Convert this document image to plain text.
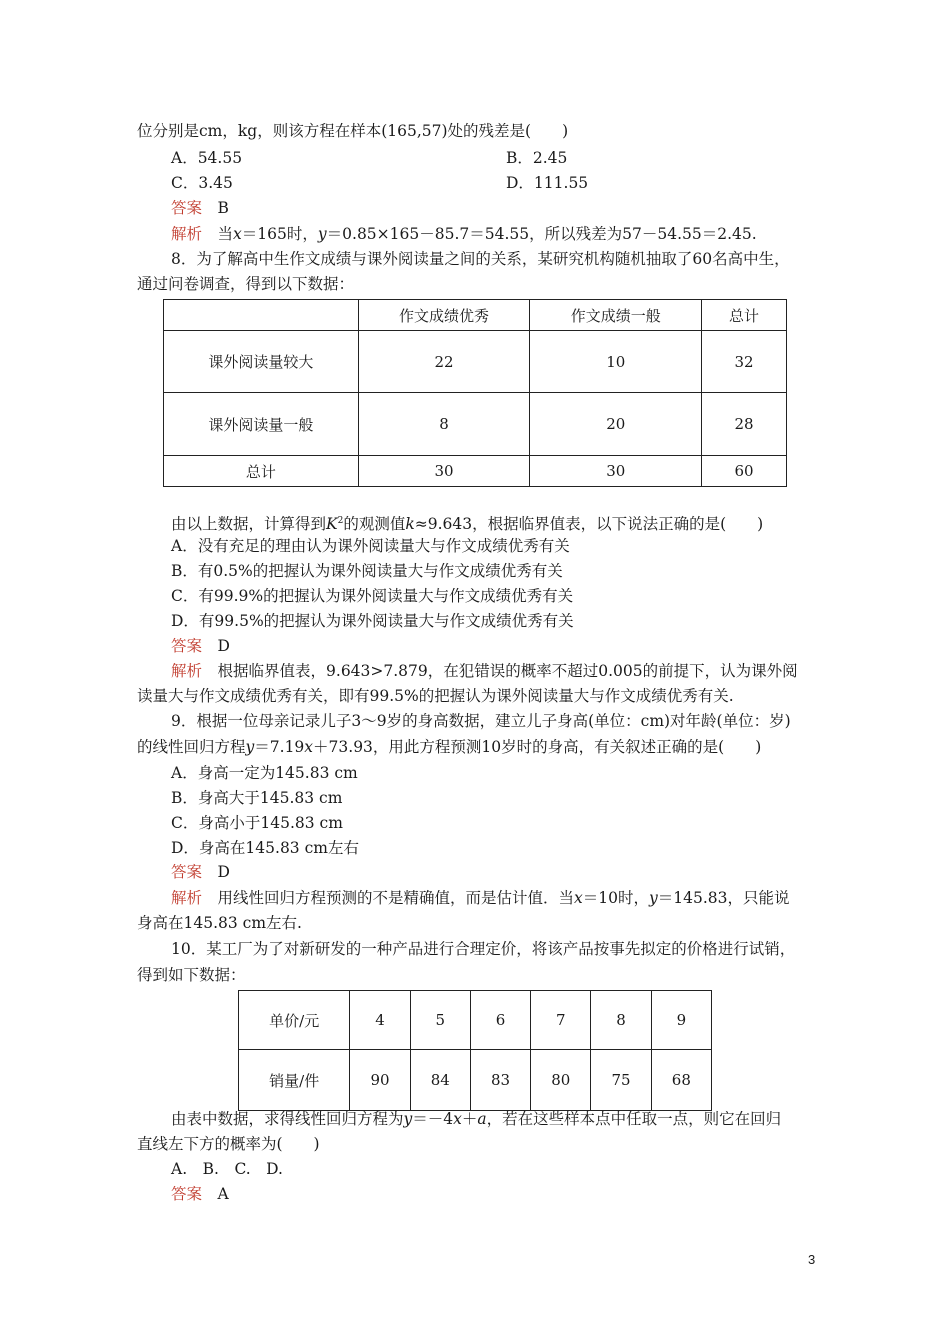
位分别是cm，kg，则该方程在样本(165,57)处的残差是(　　)
A．54.55	B．2.45
C．3.45	D．111.55
答案　 B
解析　 当x＝165时，y＝0.85×165－85.7＝54.55，所以残差为57－54.55＝2.45.
8．为了解高中生作文成绩与课外阅读量之间的关系，某研究机构随机抽取了60名高中生，
通过问卷调查，得到以下数据：
	作文成绩优秀	作文成绩一般	总计
课外阅读量较大	22	10	32
课外阅读量一般	8	20	28
总计	30	30	60
由以上数据，计算得到$K^2$的观测值k≈9.643，根据临界值表，以下说法正确的是(　　)
A．没有充足的理由认为课外阅读量大与作文成绩优秀有关
B．有0.5%的把握认为课外阅读量大与作文成绩优秀有关
C．有99.9%的把握认为课外阅读量大与作文成绩优秀有关
D．有99.5%的把握认为课外阅读量大与作文成绩优秀有关
答案　 D
解析　 根据临界值表，9.643>7.879，在犯错误的概率不超过0.005的前提下，认为课外阅
读量大与作文成绩优秀有关，即有99.5%的把握认为课外阅读量大与作文成绩优秀有关.
9．根据一位母亲记录儿子3～9岁的身高数据，建立儿子身高(单位：cm)对年龄(单位：岁)
的线性回归方程y＝7.19x＋73.93，用此方程预测10岁时的身高，有关叙述正确的是(　　)
A．身高一定为145.83 cm
B．身高大于145.83 cm
C．身高小于145.83 cm
D．身高在145.83 cm左右
答案　 D
解析　 用线性回归方程预测的不是精确值，而是估计值．当x＝10时，y＝145.83，只能说
身高在145.83 cm左右.
10．某工厂为了对新研发的一种产品进行合理定价，将该产品按事先拟定的价格进行试销，
得到如下数据：
单价/元	4	5	6	7	8	9
销量/件	90	84	83	80	75	68
由表中数据，求得线性回归方程为y＝－4x＋a，若在这些样本点中任取一点，则它在回归
直线左下方的概率为(　　)
A.　B.　C.　D.
答案　 A
3
